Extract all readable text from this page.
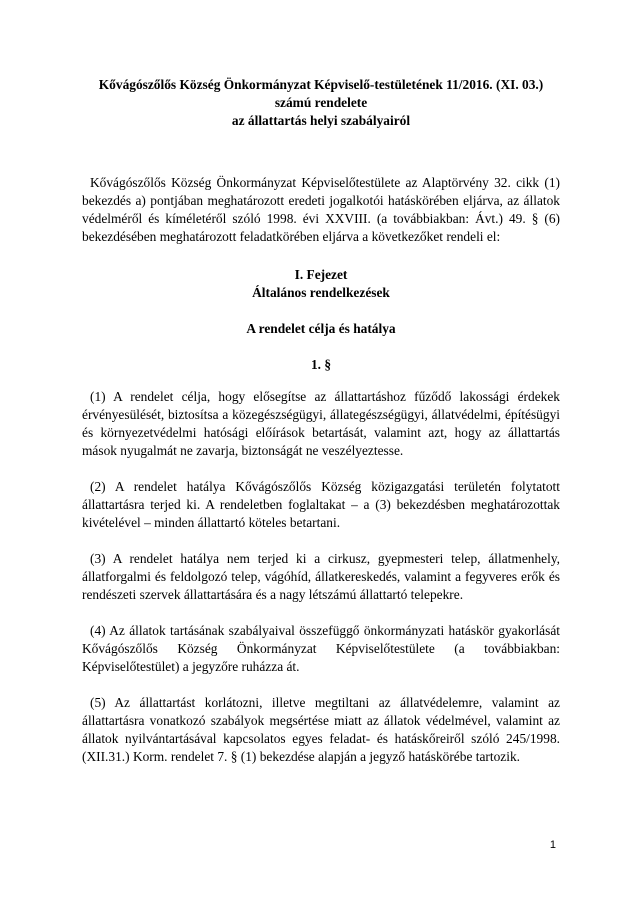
Kővágószőlős Község Önkormányzat Képviselő-testületének 11/2016. (XI. 03.)

számú rendelete

az állattartás helyi szabályairól

Kővágószőlős Község Önkormányzat Képviselőtestülete az Alaptörvény 32. cikk (1) bekezdés a) pontjában meghatározott eredeti jogalkotói hatáskörében eljárva, az állatok védelméről és kíméletéről szóló 1998. évi XXVIII. (a továbbiakban: Ávt.) 49. § (6) bekezdésében meghatározott feladatkörében eljárva a következőket rendeli el:

I. Fejezet

Általános rendelkezések

A rendelet célja és hatálya

1. §

(1) A rendelet célja, hogy elősegítse az állattartáshoz fűződő lakossági érdekek érvényesülését, biztosítsa a közegészségügyi, állategészségügyi, állatvédelmi, építésügyi és környezetvédelmi hatósági előírások betartását, valamint azt, hogy az állattartás mások nyugalmát ne zavarja, biztonságát ne veszélyeztesse.

(2) A rendelet hatálya Kővágószőlős Község közigazgatási területén folytatott állattartásra terjed ki. A rendeletben foglaltakat – a (3) bekezdésben meghatározottak kivételével – minden állattartó köteles betartani.

(3) A rendelet hatálya nem terjed ki a cirkusz, gyepmesteri telep, állatmenhely, állatforgalmi és feldolgozó telep, vágóhíd, állatkereskedés, valamint a fegyveres erők és rendészeti szervek állattartására és a nagy létszámú állattartó telepekre.

(4) Az állatok tartásának szabályaival összefüggő önkormányzati hatáskör gyakorlását Kővágószőlős Község Önkormányzat Képviselőtestülete (a továbbiakban: Képviselőtestület) a jegyzőre ruházza át.

(5) Az állattartást korlátozni, illetve megtiltani az állatvédelemre, valamint az állattartásra vonatkozó szabályok megsértése miatt az állatok védelmével, valamint az állatok nyilvántartásával kapcsolatos egyes feladat- és hatáskőreiről szóló 245/1998. (XII.31.) Korm. rendelet 7. § (1) bekezdése alapján a jegyző hatáskörébe tartozik.

1
